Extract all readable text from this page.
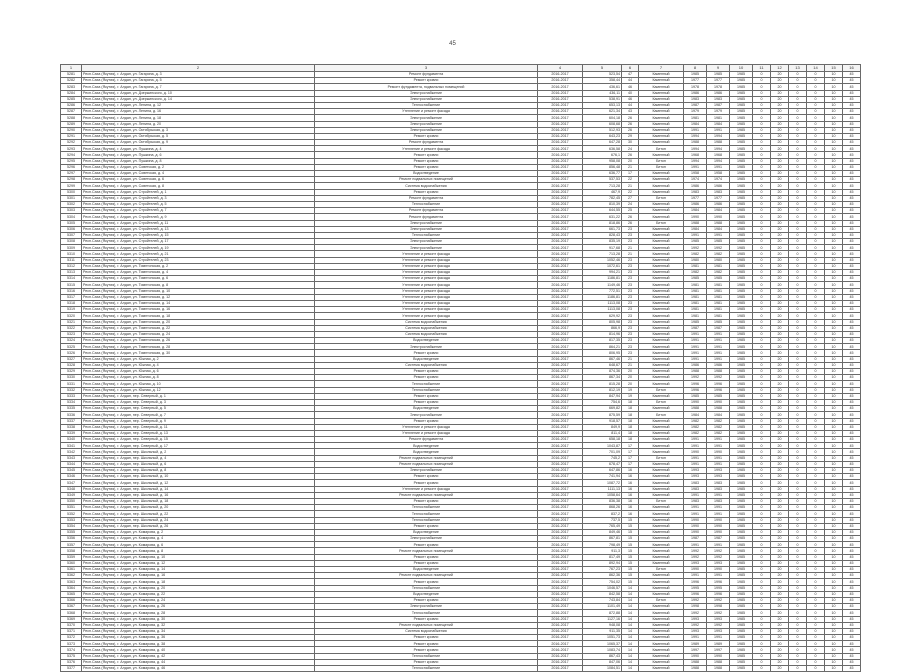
45
1	2	3	4	5	6	7	8	9	10	11	12	13	14	15	16
5281	Респ.Саха (Якутия), г. Алдан, ул. Гагарина, д. 3	Ремонт фундамента	2016-2017	523,54	47	Каменный	1985	1985	1985	0	20	0	0	10	45
5282	Респ.Саха (Якутия), г. Алдан, ул. Гагарина, д. 5	Ремонт кровли	2016-2017	358,44	44	Каменный	1977	1977	1985	0	20	0	0	10	45
5283	Респ.Саха (Якутия), г. Алдан, ул. Гагарина, д. 7	Ремонт фундамента, подвальных помещений	2016-2017	436,61	46	Каменный	1978	1978	1985	0	20	0	0	10	45
5284	Респ.Саха (Якутия), г. Алдан, ул. Дзержинского, д. 10	Электроснабжение	2016-2017	436,11	40	Каменный	1986	1986	1985	0	20	0	0	10	45
5285	Респ.Саха (Якутия), г. Алдан, ул. Дзержинского, д. 14	Электроснабжение	2016-2017	538,91	46	Каменный	1983	1983	1985	0	20	0	0	10	45
5286	Респ.Саха (Якутия), г. Алдан, ул. Ленина, д. 12	Теплоснабжение	2016-2017	653,13	44	Каменный	1987	1987	1985	0	20	0	0	10	45
5287	Респ.Саха (Якутия), г. Алдан, ул. Ленина, д. 16	Утепление и ремонт фасада	2016-2017	621,34	43	Каменный	1979	1979	1985	0	20	0	0	10	45
5288	Респ.Саха (Якутия), г. Алдан, ул. Ленина, д. 18	Электроснабжение	2016-2017	604,18	26	Каменный	1981	1981	1985	0	20	0	0	10	45
5289	Респ.Саха (Якутия), г. Алдан, ул. Ленина, д. 20	Электроснабжение	2016-2017	608,68	26	Каменный	1984	1984	1985	0	20	0	0	10	45
5290	Респ.Саха (Якутия), г. Алдан, ул. Октябрьская, д. 3	Электроснабжение	2016-2017	512,93	26	Каменный	1991	1991	1985	0	20	0	0	10	45
5291	Респ.Саха (Якутия), г. Алдан, ул. Октябрьская, д. 5	Ремонт кровли	2016-2017	643,23	29	Каменный	1994	1994	1985	0	20	0	0	10	45
5292	Респ.Саха (Якутия), г. Алдан, ул. Октябрьская, д. 9	Ремонт фундамента	2016-2017	647,28	30	Каменный	1988	1988	1985	0	20	0	0	10	45
5293	Респ.Саха (Якутия), г. Алдан, ул. Пушкина, д. 4	Утепление и ремонт фасада	2016-2017	636,58	24	Бетон	1994	1994	1985	0	20	0	0	10	45
5294	Респ.Саха (Якутия), г. Алдан, ул. Пушкина, д. 6	Ремонт кровли	2016-2017	676,1	26	Каменный	1968	1968	1985	0	20	0	0	10	45
5295	Респ.Саха (Якутия), г. Алдан, ул. Пушкина, д. 8	Ремонт кровли	2016-2017	958,08	20	Бетон	1994	1994	1985	0	20	0	0	10	45
5296	Респ.Саха (Якутия), г. Алдан, ул. Советская, д. 2	Ремонт кровли	2016-2017	856,48	21	Бетон	1991	1991	1985	0	20	0	0	10	45
5297	Респ.Саха (Якутия), г. Алдан, ул. Советская, д. 4	Водоотведение	2016-2017	636,77	17	Каменный	1958	1958	1985	0	20	0	0	10	45
5298	Респ.Саха (Якутия), г. Алдан, ул. Советская, д. 6	Ремонт подвальных помещений	2016-2017	537,53	22	Каменный	1974	1974	1985	0	20	0	0	10	45
5299	Респ.Саха (Якутия), г. Алдан, ул. Советская, д. 8	Система водоснабжения	2016-2017	713,28	21	Каменный	1986	1986	1985	0	20	0	0	10	45
5300	Респ.Саха (Якутия), г. Алдан, ул. Стройтелей, д. 1	Ремонт кровли	2016-2017	467,9	22	Каменный	1983	1983	1985	0	20	0	0	10	45
5301	Респ.Саха (Якутия), г. Алдан, ул. Стройтелей, д. 3	Ремонт фундамента	2016-2017	782,45	27	Бетон	1977	1977	1985	0	20	0	0	10	45
5302	Респ.Саха (Якутия), г. Алдан, ул. Стройтелей, д. 5	Теплоснабжение	2016-2017	810,39	24	Каменный	1986	1986	1985	0	20	0	0	10	45
5303	Респ.Саха (Якутия), г. Алдан, ул. Стройтелей, д. 7	Ремонт фундамента	2016-2017	644,55	25	Каменный	1984	1984	1985	0	20	0	0	10	45
5304	Респ.Саха (Якутия), г. Алдан, ул. Стройтелей, д. 9	Ремонт фундамента	2016-2017	631,22	26	Каменный	1990	1990	1985	0	20	0	0	10	45
5305	Респ.Саха (Якутия), г. Алдан, ул. Стройтелей, д. 11	Электроснабжение	2016-2017	818,86	26	Бетон	1988	1988	1985	0	20	0	0	10	45
5306	Респ.Саха (Якутия), г. Алдан, ул. Стройтелей, д. 13	Электроснабжение	2016-2017	661,73	23	Каменный	1984	1984	1985	0	20	0	0	10	45
5307	Респ.Саха (Якутия), г. Алдан, ул. Стройтелей, д. 15	Теплоснабжение	2016-2017	828,43	23	Каменный	1991	1991	1985	0	20	0	0	10	45
5308	Респ.Саха (Якутия), г. Алдан, ул. Стройтелей, д. 17	Электроснабжение	2016-2017	835,19	23	Каменный	1985	1985	1985	0	20	0	0	10	45
5309	Респ.Саха (Якутия), г. Алдан, ул. Стройтелей, д. 19	Электроснабжение	2016-2017	917,68	21	Каменный	1992	1992	1985	0	20	0	0	10	45
5310	Респ.Саха (Якутия), г. Алдан, ул. Стройтелей, д. 21	Утепление и ремонт фасада	2016-2017	713,28	21	Каменный	1982	1982	1985	0	20	0	0	10	45
5311	Респ.Саха (Якутия), г. Алдан, ул. Стройтелей, д. 23	Утепление и ремонт фасада	2016-2017	1052,46	23	Каменный	1980	1980	1985	0	20	0	0	10	45
5312	Респ.Саха (Якутия), г. Алдан, ул. Тимптонская, д. 2	Утепление и ремонт фасада	2016-2017	1072,61	23	Каменный	1981	1981	1985	0	20	0	0	10	45
5313	Респ.Саха (Якутия), г. Алдан, ул. Тимптонская, д. 4	Утепление и ремонт фасада	2016-2017	994,21	23	Каменный	1982	1982	1985	0	20	0	0	10	45
5314	Респ.Саха (Якутия), г. Алдан, ул. Тимптонская, д. 6	Утепление и ремонт фасада	2016-2017	1186,81	23	Каменный	1985	1985	1985	0	20	0	0	10	45
5315	Респ.Саха (Якутия), г. Алдан, ул. Тимптонская, д. 8	Утепление и ремонт фасада	2016-2017	1149,46	23	Каменный	1981	1981	1985	0	20	0	0	10	45
5316	Респ.Саха (Якутия), г. Алдан, ул. Тимптонская, д. 10	Утепление и ремонт фасада	2016-2017	772,51	23	Каменный	1981	1981	1985	0	20	0	0	10	45
5317	Респ.Саха (Якутия), г. Алдан, ул. Тимптонская, д. 12	Утепление и ремонт фасада	2016-2017	1186,81	23	Каменный	1981	1981	1985	0	20	0	0	10	45
5318	Респ.Саха (Якутия), г. Алдан, ул. Тимптонская, д. 14	Утепление и ремонт фасада	2016-2017	1113,08	23	Каменный	1981	1981	1985	0	20	0	0	10	45
5319	Респ.Саха (Якутия), г. Алдан, ул. Тимптонская, д. 16	Утепление и ремонт фасада	2016-2017	1113,08	23	Каменный	1981	1981	1985	0	20	0	0	10	45
5320	Респ.Саха (Якутия), г. Алдан, ул. Тимптонская, д. 18	Утепление и ремонт фасада	2016-2017	629,92	23	Каменный	1981	1981	1985	0	20	0	0	10	45
5321	Респ.Саха (Якутия), г. Алдан, ул. Тимптонская, д. 20	Система водоснабжения	2016-2017	805,98	23	Каменный	1985	1985	1985	0	20	0	0	10	45
5322	Респ.Саха (Якутия), г. Алдан, ул. Тимптонская, д. 22	Система водоснабжения	2016-2017	866,9	23	Каменный	1987	1987	1985	0	20	0	0	10	45
5323	Респ.Саха (Якутия), г. Алдан, ул. Тимптонская, д. 24	Система водоснабжения	2016-2017	814,96	23	Каменный	1991	1991	1985	0	20	0	0	10	45
5324	Респ.Саха (Якутия), г. Алдан, ул. Тимптонская, д. 26	Водоотведение	2016-2017	817,35	23	Каменный	1991	1991	1985	0	20	0	0	10	45
5325	Респ.Саха (Якутия), г. Алдан, ул. Тимптонская, д. 28	Электроснабжение	2016-2017	864,21	23	Каменный	1991	1991	1985	0	20	0	0	10	45
5326	Респ.Саха (Якутия), г. Алдан, ул. Тимптонская, д. 30	Ремонт кровли	2016-2017	806,95	23	Каменный	1991	1991	1985	0	20	0	0	10	45
5327	Респ.Саха (Якутия), г. Алдан, ул. Южная, д. 2	Водоотведение	2016-2017	867,46	21	Каменный	1991	1991	1985	0	20	0	0	10	45
5328	Респ.Саха (Якутия), г. Алдан, ул. Южная, д. 4	Система водоснабжения	2016-2017	648,67	21	Каменный	1986	1986	1985	0	20	0	0	10	45
5329	Респ.Саха (Якутия), г. Алдан, ул. Южная, д. 6	Ремонт кровли	2016-2017	874,36	20	Каменный	1988	1988	1985	0	20	0	0	10	45
5330	Респ.Саха (Якутия), г. Алдан, ул. Южная, д. 8	Ремонт кровли	2016-2017	867,34	20	Каменный	1992	1992	1985	0	20	0	0	10	45
5331	Респ.Саха (Якутия), г. Алдан, ул. Южная, д. 10	Теплоснабжение	2016-2017	815,28	20	Каменный	1996	1996	1985	0	20	0	0	10	45
5332	Респ.Саха (Якутия), г. Алдан, ул. Южная, д. 12	Теплоснабжение	2016-2017	812,19	19	Бетон	1996	1996	1985	0	20	0	0	10	45
5333	Респ.Саха (Якутия), г. Алдан, пер. Северный, д. 1	Ремонт кровли	2016-2017	847,94	19	Каменный	1985	1985	1985	0	20	0	0	10	45
5334	Респ.Саха (Якутия), г. Алдан, пер. Северный, д. 3	Ремонт кровли	2016-2017	754,6	18	Бетон	1990	1990	1985	0	20	0	0	10	45
5335	Респ.Саха (Якутия), г. Алдан, пер. Северный, д. 5	Водоотведение	2016-2017	669,82	18	Каменный	1988	1988	1985	0	20	0	0	10	45
5336	Респ.Саха (Якутия), г. Алдан, пер. Северный, д. 7	Электроснабжение	2016-2017	875,59	18	Бетон	1984	1984	1985	0	20	0	0	10	45
5337	Респ.Саха (Якутия), г. Алдан, пер. Северный, д. 9	Ремонт кровли	2016-2017	918,57	18	Каменный	1982	1982	1985	0	20	0	0	10	45
5338	Респ.Саха (Якутия), г. Алдан, пер. Северный, д. 11	Утепление и ремонт фасада	2016-2017	849,9	18	Каменный	1982	1982	1985	0	20	0	0	10	45
5339	Респ.Саха (Якутия), г. Алдан, пер. Северный, д. 13	Утепление и ремонт фасада	2016-2017	811,4	18	Каменный	1982	1982	1985	0	20	0	0	10	45
5340	Респ.Саха (Якутия), г. Алдан, пер. Северный, д. 15	Ремонт фундамента	2016-2017	658,18	18	Каменный	1991	1991	1985	0	20	0	0	10	45
5341	Респ.Саха (Якутия), г. Алдан, пер. Северный, д. 17	Водоотведение	2016-2017	1043,87	17	Каменный	1991	1991	1985	0	20	0	0	10	45
5342	Респ.Саха (Якутия), г. Алдан, пер. Школьный, д. 2	Водоотведение	2016-2017	701,09	17	Каменный	1990	1990	1985	0	20	0	0	10	45
5343	Респ.Саха (Якутия), г. Алдан, пер. Школьный, д. 4	Ремонт подвальных помещений	2016-2017	745,2	17	Бетон	1991	1991	1985	0	20	0	0	10	45
5344	Респ.Саха (Якутия), г. Алдан, пер. Школьный, д. 6	Ремонт подвальных помещений	2016-2017	678,47	17	Каменный	1991	1991	1985	0	20	0	0	10	45
5345	Респ.Саха (Якутия), г. Алдан, пер. Школьный, д. 8	Электроснабжение	2016-2017	647,86	16	Каменный	1993	1993	1985	0	20	0	0	10	45
5346	Респ.Саха (Якутия), г. Алдан, пер. Школьный, д. 10	Ремонт кровли	2016-2017	741,94	16	Каменный	1993	1993	1985	0	20	0	0	10	45
5347	Респ.Саха (Якутия), г. Алдан, пер. Школьный, д. 12	Ремонт кровли	2016-2017	1087,72	16	Каменный	1983	1983	1985	0	20	0	0	10	45
5348	Респ.Саха (Якутия), г. Алдан, пер. Школьный, д. 14	Утепление и ремонт фасада	2016-2017	1111,13	16	Каменный	1983	1983	1985	0	20	0	0	10	45
5349	Респ.Саха (Якутия), г. Алдан, пер. Школьный, д. 16	Ремонт подвальных помещений	2016-2017	1058,64	16	Каменный	1991	1991	1985	0	20	0	0	10	45
5350	Респ.Саха (Якутия), г. Алдан, пер. Школьный, д. 18	Ремонт кровли	2016-2017	836,38	16	Бетон	1983	1983	1985	0	20	0	0	10	45
5351	Респ.Саха (Якутия), г. Алдан, пер. Школьный, д. 20	Теплоснабжение	2016-2017	868,26	16	Каменный	1991	1991	1985	0	20	0	0	10	45
5352	Респ.Саха (Якутия), г. Алдан, пер. Школьный, д. 22	Теплоснабжение	2016-2017	837,2	16	Каменный	1991	1991	1985	0	20	0	0	10	45
5353	Респ.Саха (Якутия), г. Алдан, пер. Школьный, д. 24	Теплоснабжение	2016-2017	737,5	15	Каменный	1990	1990	1985	0	20	0	0	10	45
5354	Респ.Саха (Якутия), г. Алдан, пер. Школьный, д. 26	Ремонт кровли	2016-2017	765,49	15	Каменный	1990	1990	1985	0	20	0	0	10	45
5355	Респ.Саха (Якутия), г. Алдан, ул. Комарова, д. 2	Водоотведение	2016-2017	849,46	15	Каменный	1990	1990	1985	0	20	0	0	10	45
5356	Респ.Саха (Якутия), г. Алдан, ул. Комарова, д. 4	Электроснабжение	2016-2017	867,81	15	Каменный	1987	1987	1985	0	20	0	0	10	45
5357	Респ.Саха (Якутия), г. Алдан, ул. Комарова, д. 6	Ремонт кровли	2016-2017	798,49	15	Каменный	1991	1991	1985	0	20	0	0	10	45
5358	Респ.Саха (Якутия), г. Алдан, ул. Комарова, д. 8	Ремонт подвальных помещений	2016-2017	911,3	15	Каменный	1992	1992	1985	0	20	0	0	10	45
5359	Респ.Саха (Якутия), г. Алдан, ул. Комарова, д. 10	Ремонт кровли	2016-2017	817,49	15	Каменный	1992	1992	1985	0	20	0	0	10	45
5360	Респ.Саха (Якутия), г. Алдан, ул. Комарова, д. 12	Ремонт кровли	2016-2017	892,94	15	Каменный	1993	1993	1985	0	20	0	0	10	45
5361	Респ.Саха (Якутия), г. Алдан, ул. Комарова, д. 14	Водоотведение	2016-2017	767,23	15	Бетон	1990	1990	1985	0	20	0	0	10	45
5362	Респ.Саха (Якутия), г. Алдан, ул. Комарова, д. 16	Ремонт подвальных помещений	2016-2017	862,36	15	Каменный	1991	1991	1985	0	20	0	0	10	45
5363	Респ.Саха (Якутия), г. Алдан, ул. Комарова, д. 18	Ремонт кровли	2016-2017	754,02	15	Каменный	1996	1996	1985	0	20	0	0	10	45
5364	Респ.Саха (Якутия), г. Алдан, ул. Комарова, д. 20	Теплоснабжение	2016-2017	1046,57	14	Каменный	1995	1995	1985	0	20	0	0	10	45
5365	Респ.Саха (Якутия), г. Алдан, ул. Комарова, д. 22	Водоотведение	2016-2017	842,58	14	Каменный	1996	1996	1985	0	20	0	0	10	45
5366	Респ.Саха (Якутия), г. Алдан, ул. Комарова, д. 24	Ремонт кровли	2016-2017	743,84	14	Бетон	1992	1992	1985	0	20	0	0	10	45
5367	Респ.Саха (Якутия), г. Алдан, ул. Комарова, д. 26	Электроснабжение	2016-2017	1101,49	14	Каменный	1998	1998	1985	0	20	0	0	10	45
5368	Респ.Саха (Якутия), г. Алдан, ул. Комарова, д. 28	Теплоснабжение	2016-2017	872,88	14	Каменный	1992	1992	1985	0	20	0	0	10	45
5369	Респ.Саха (Якутия), г. Алдан, ул. Комарова, д. 30	Ремонт кровли	2016-2017	1127,16	14	Каменный	1993	1993	1985	0	20	0	0	10	45
5370	Респ.Саха (Якутия), г. Алдан, ул. Комарова, д. 32	Ремонт подвальных помещений	2016-2017	948,08	14	Каменный	1992	1992	1985	0	20	0	0	10	45
5371	Респ.Саха (Якутия), г. Алдан, ул. Комарова, д. 34	Система водоснабжения	2016-2017	911,35	14	Каменный	1993	1993	1985	0	20	0	0	10	45
5372	Респ.Саха (Якутия), г. Алдан, ул. Комарова, д. 36	Ремонт кровли	2016-2017	1051,73	14	Каменный	1991	1991	1985	0	20	0	0	10	45
5373	Респ.Саха (Якутия), г. Алдан, ул. Комарова, д. 38	Ремонт кровли	2016-2017	1065,37	14	Каменный	1989	1989	1985	0	20	0	0	10	45
5374	Респ.Саха (Якутия), г. Алдан, ул. Комарова, д. 40	Ремонт кровли	2016-2017	1083,74	14	Каменный	1997	1997	1985	0	20	0	0	10	45
5375	Респ.Саха (Якутия), г. Алдан, ул. Комарова, д. 42	Теплоснабжение	2016-2017	867,43	14	Каменный	1990	1990	1985	0	20	0	0	10	45
5376	Респ.Саха (Якутия), г. Алдан, ул. Комарова, д. 44	Ремонт кровли	2016-2017	847,06	14	Каменный	1988	1988	1985	0	20	0	0	10	45
5377	Респ.Саха (Якутия), г. Алдан, ул. Комарова, д. 46	Теплоснабжение	2016-2017	1084,51	14	Каменный	1988	1988	1985	0	20	0	0	10	45
